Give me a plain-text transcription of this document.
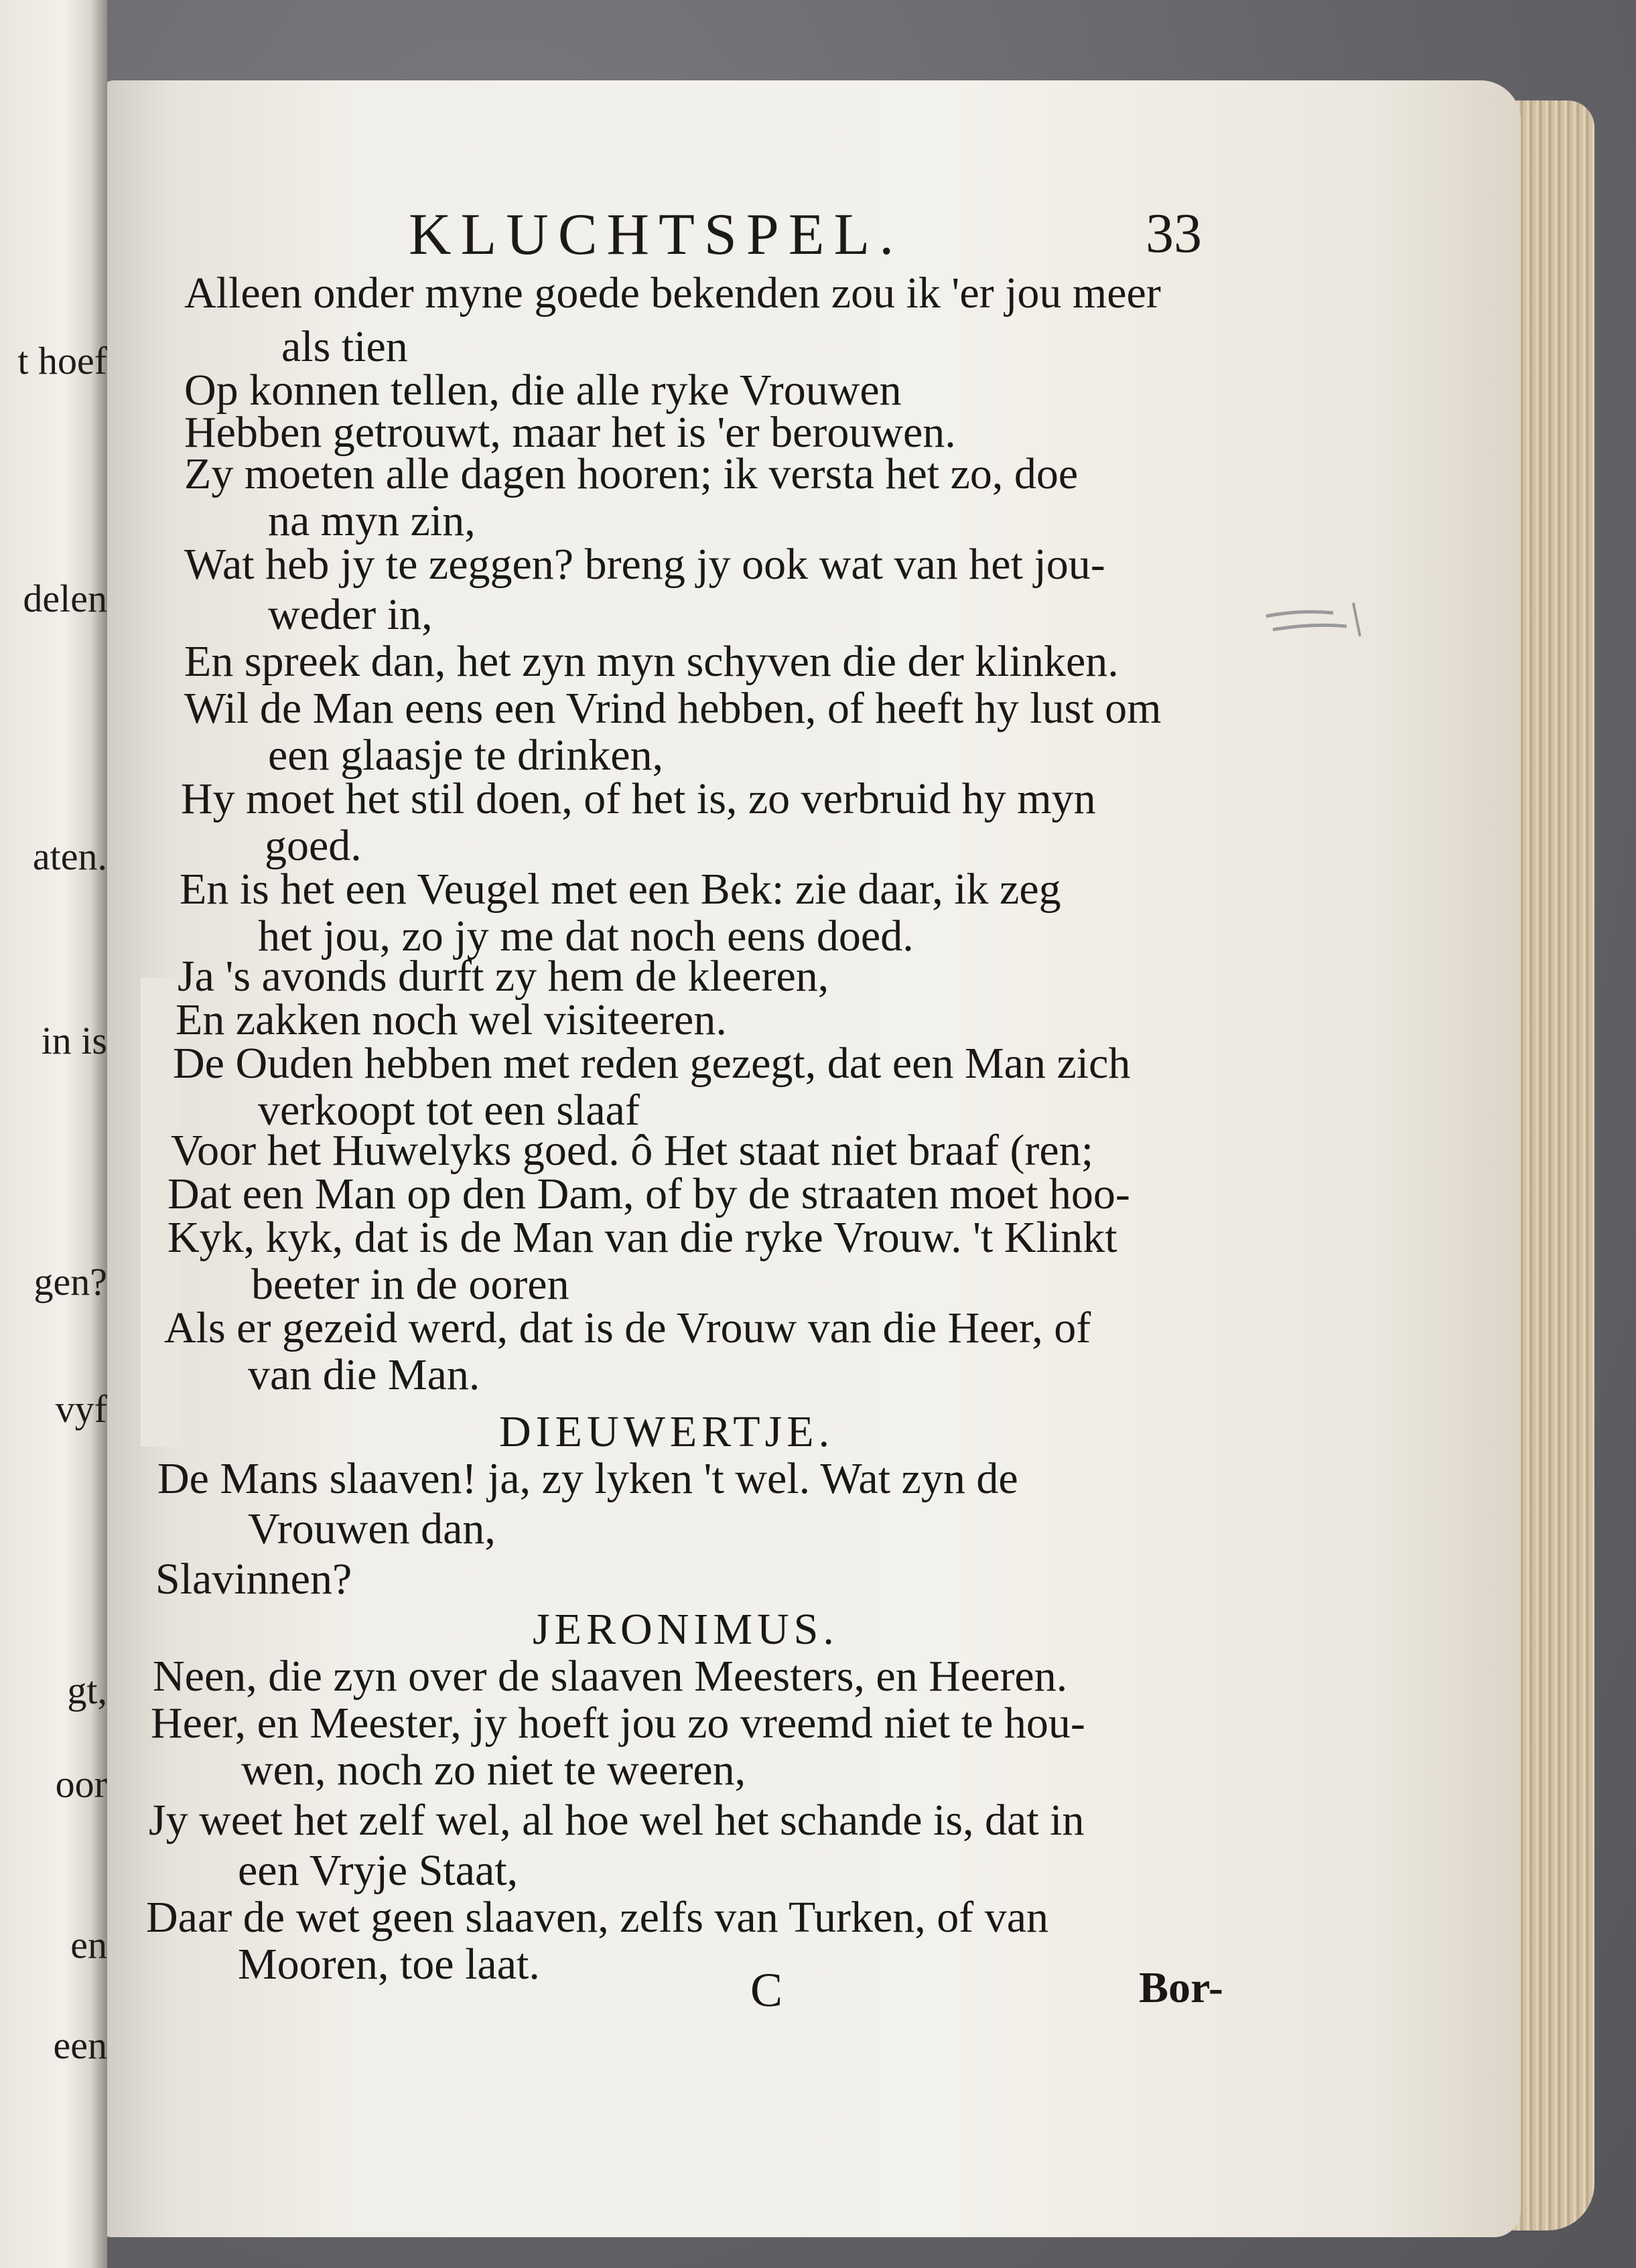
t hoef
delen
aten.
in is
gen?
vyf
gt,
oor
en
een
KLUCHTSPEL.	33
Alleen onder myne goede bekenden zou ik 'er jou meer
als tien
Op konnen tellen, die alle ryke Vrouwen
Hebben getrouwt, maar het is 'er berouwen.
Zy moeten alle dagen hooren; ik versta het zo, doe
na myn zin,
Wat heb jy te zeggen? breng jy ook wat van het jou-
weder in,
En spreek dan, het zyn myn schyven die der klinken.
Wil de Man eens een Vrind hebben, of heeft hy lust om
een glaasje te drinken,
Hy moet het stil doen, of het is, zo verbruid hy myn
goed.
En is het een Veugel met een Bek: zie daar, ik zeg
het jou, zo jy me dat noch eens doed.
Ja 's avonds durft zy hem de kleeren,
En zakken noch wel visiteeren.
De Ouden hebben met reden gezegt, dat een Man zich
verkoopt tot een slaaf
Voor het Huwelyks goed. ô Het staat niet braaf (ren;
Dat een Man op den Dam, of by de straaten moet hoo-
Kyk, kyk, dat is de Man van die ryke Vrouw. 't Klinkt
beeter in de ooren
Als er gezeid werd, dat is de Vrouw van die Heer, of
van die Man.
DIEUWERTJE.
De Mans slaaven! ja, zy lyken 't wel. Wat zyn de
Vrouwen dan,
Slavinnen?
JERONIMUS.
Neen, die zyn over de slaaven Meesters, en Heeren.
Heer, en Meester, jy hoeft jou zo vreemd niet te hou-
wen, noch zo niet te weeren,
Jy weet het zelf wel, al hoe wel het schande is, dat in
een Vryje Staat,
Daar de wet geen slaaven, zelfs van Turken, of van
Mooren, toe laat.	C	Bor-
